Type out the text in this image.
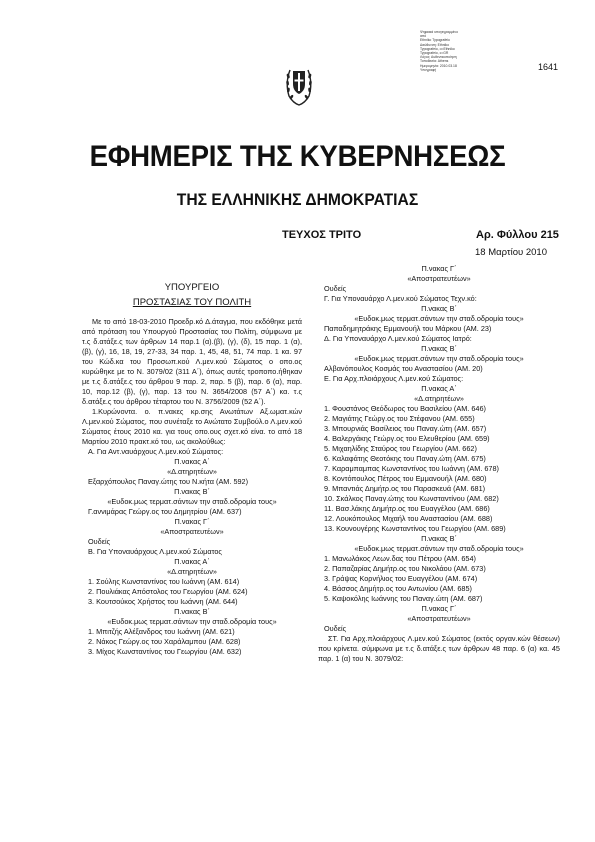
Ψηφιακά υπογεγραμμένο
από
Ethniko Typografeio
Διεύθυνση: Ethniko
Typografeio, o=Ethniko
Typografeio, c=GR
Λόγος: Αυθεντικοποίηση
Τοποθεσία: Athens
Ημερομηνία: 2010.03.18
Υπογραφή	1641
ΕΦΗΜΕΡΙΣ ΤΗΣ ΚΥΒΕΡΝΗΣΕΩΣ
ΤΗΣ ΕΛΛΗΝΙΚΗΣ ΔΗΜΟΚΡΑΤΙΑΣ
ΤΕΥΧΟΣ ΤΡΙΤΟ	Αρ. Φύλλου 215
18 Μαρτίου 2010
ΥΠΟΥΡΓΕΙΟ
ΠΡΟΣΤΑΣΙΑΣ ΤΟΥ ΠΟΛΙΤΗ
Με το από 18-03-2010 Προεδρ.κό Δ.άταγμα, που εκδόθηκε μετά από πρόταση του Υπουργού Προστασίας του Πολίτη, σύμφωνα με τ.ς δ.ατάξε.ς των άρθρων 14 παρ.1 (α).(β), (γ), (δ), 15 παρ. 1 (α), (β), (γ), 16, 18, 19, 27-33, 34 παρ. 1, 45, 48, 51, 74 παρ. 1 κα. 97 του Κώδ.κα του Προσωπ.κού Λ.μεν.κού Σώματος ο οπο.ος κυρώθηκε με το Ν. 3079/02 (311 Α΄), όπως αυτές τροποπο.ήθηκαν με τ.ς δ.ατάξε.ς του άρθρου 9 παρ. 2, παρ. 5 (β), παρ. 6 (α), παρ. 10, παρ.12 (β), (γ), παρ. 13 του Ν. 3654/2008 (57 Α΄) κα. τ.ς δ.ατάξε.ς του άρθρου τέταρτου του Ν. 3756/2009 (52 Α΄).
1.Κυρώνοντα. ο. π.νακες κρ.σης Ανωτάτων Αξ.ωματ.κών Λ.μεν.κού Σώματος, που συνέταξε το Ανώτατο Συμβούλ.ο Λ.μεν.κού Σώματος έτους 2010 κα. για τους οπο.ους σχετ.κό είνα. το από 18 Μαρτίου 2010 πρακτ.κό του, ως ακολούθως:
Α. Για Αντ.ναυάρχους Λ.μεν.κού Σώματος:
Π.νακας Α΄
«Δ.ατηρητέων»
Εξαρχόπουλος Παναγ.ώτης του Ν.κήτα (ΑΜ. 592)
Π.νακας Β΄
«Ευδοκ.μως τερματ.σάντων την σταδ.οδρομία τους»
Γ.αννιμάρας Γεώργ.ος του Δημητρίου (ΑΜ. 637)
Π.νακας Γ΄
«Αποστρατευτέων»
Ουδείς
Β. Για Υποναυάρχους Λ.μεν.κού Σώματος
Π.νακας Α΄
«Δ.ατηρητέων»
1. Σούλης Κωνσταντίνος του Ιωάννη (ΑΜ. 614)
2. Πουλιάκας Απόστολος του Γεωργίου (ΑΜ. 624)
3. Κουτσούκος Χρήστος του Ιωάννη (ΑΜ. 644)
Π.νακας Β΄
«Ευδοκ.μως τερματ.σάντων την σταδ.οδρομία τους»
1. Μπιτζής Αλέξανδρος του Ιωάννη (ΑΜ. 621)
2. Νάκος Γεώργ.ος του Χαράλαμπου (ΑΜ. 628)
3. Μίχος Κωνσταντίνος του Γεωργίου (ΑΜ. 632)
Π.νακας Γ΄
«Αποστρατευτέων»
Ουδείς
Γ. Για Υποναυάρχο Λ.μεν.κού Σώματος Τεχν.κό:
Π.νακας Β΄
«Ευδοκ.μως τερματ.σάντων την σταδ.οδρομία τους»
Παπαδημητράκης Εμμανουήλ του Μάρκου (ΑΜ. 23)
Δ. Για Υποναυάρχο Λ.μεν.κού Σώματος Ιατρό:
Π.νακας Β΄
«Ευδοκ.μως τερματ.σάντων την σταδ.οδρομία τους»
Αλβανόπουλος Κοσμάς του Αναστασίου (ΑΜ. 20)
Ε. Για Αρχ.πλοιάρχους Λ.μεν.κού Σώματος:
Π.νακας Α΄
«Δ.ατηρητέων»
1. Φουστάνος Θεόδωρος του Βασιλείου (ΑΜ. 646)
2. Μαγιάτης Γεώργ.ος του Στέφανου (ΑΜ. 655)
3. Μπουρνιάς Βασίλειος του Παναγ.ώτη (ΑΜ. 657)
4. Βαλεργάκης Γεώργ.ος του Ελευθερίου (ΑΜ. 659)
5. Μιχαηλίδης Σταύρος του Γεωργίου (ΑΜ. 662)
6. Καλαφάτης Θεοτόκης του Παναγ.ώτη (ΑΜ. 675)
7. Καραμπαμπας Κωνσταντίνος του Ιωάννη (ΑΜ. 678)
8. Κοντόπουλος Πέτρος του Εμμανουήλ (ΑΜ. 680)
9. Μπαντιάς Δημήτρ.ος του Παρασκευά (ΑΜ. 681)
10. Σκάλκος Παναγ.ώτης του Κωνσταντίνου (ΑΜ. 682)
11. Βασ.λάκης Δημήτρ.ος του Ευαγγέλου (ΑΜ. 686)
12. Λουκόπουλος Μιχαήλ του Αναστασίου (ΑΜ. 688)
13. Κουνουγέρης Κωνσταντίνος του Γεωργίου (ΑΜ. 689)
Π.νακας Β΄
«Ευδοκ.μως τερματ.σάντων την σταδ.οδρομία τους»
1. Μανωλάκος Λεων.δας του Πέτρου (ΑΜ. 654)
2. Παπαζαρίας Δημήτρ.ος του Νικολάου (ΑΜ. 673)
3. Γράψας Κορνήλιος του Ευαγγέλου (ΑΜ. 674)
4. Βάσσος Δημήτρ.ος του Αντωνίου (ΑΜ. 685)
5. Καψοκόλης Ιωάννης του Παναγ.ώτη (ΑΜ. 687)
Π.νακας Γ΄
«Αποστρατευτέων»
Ουδείς
ΣΤ. Για Αρχ.πλοιάρχους Λ.μεν.κού Σώματος (εκτός οργαν.κών θέσεων) που κρίνετα. σύμφωνα με τ.ς δ.ατάξε.ς των άρθρων 48 παρ. 6 (α) κα. 45 παρ. 1 (α) του Ν. 3079/02:
